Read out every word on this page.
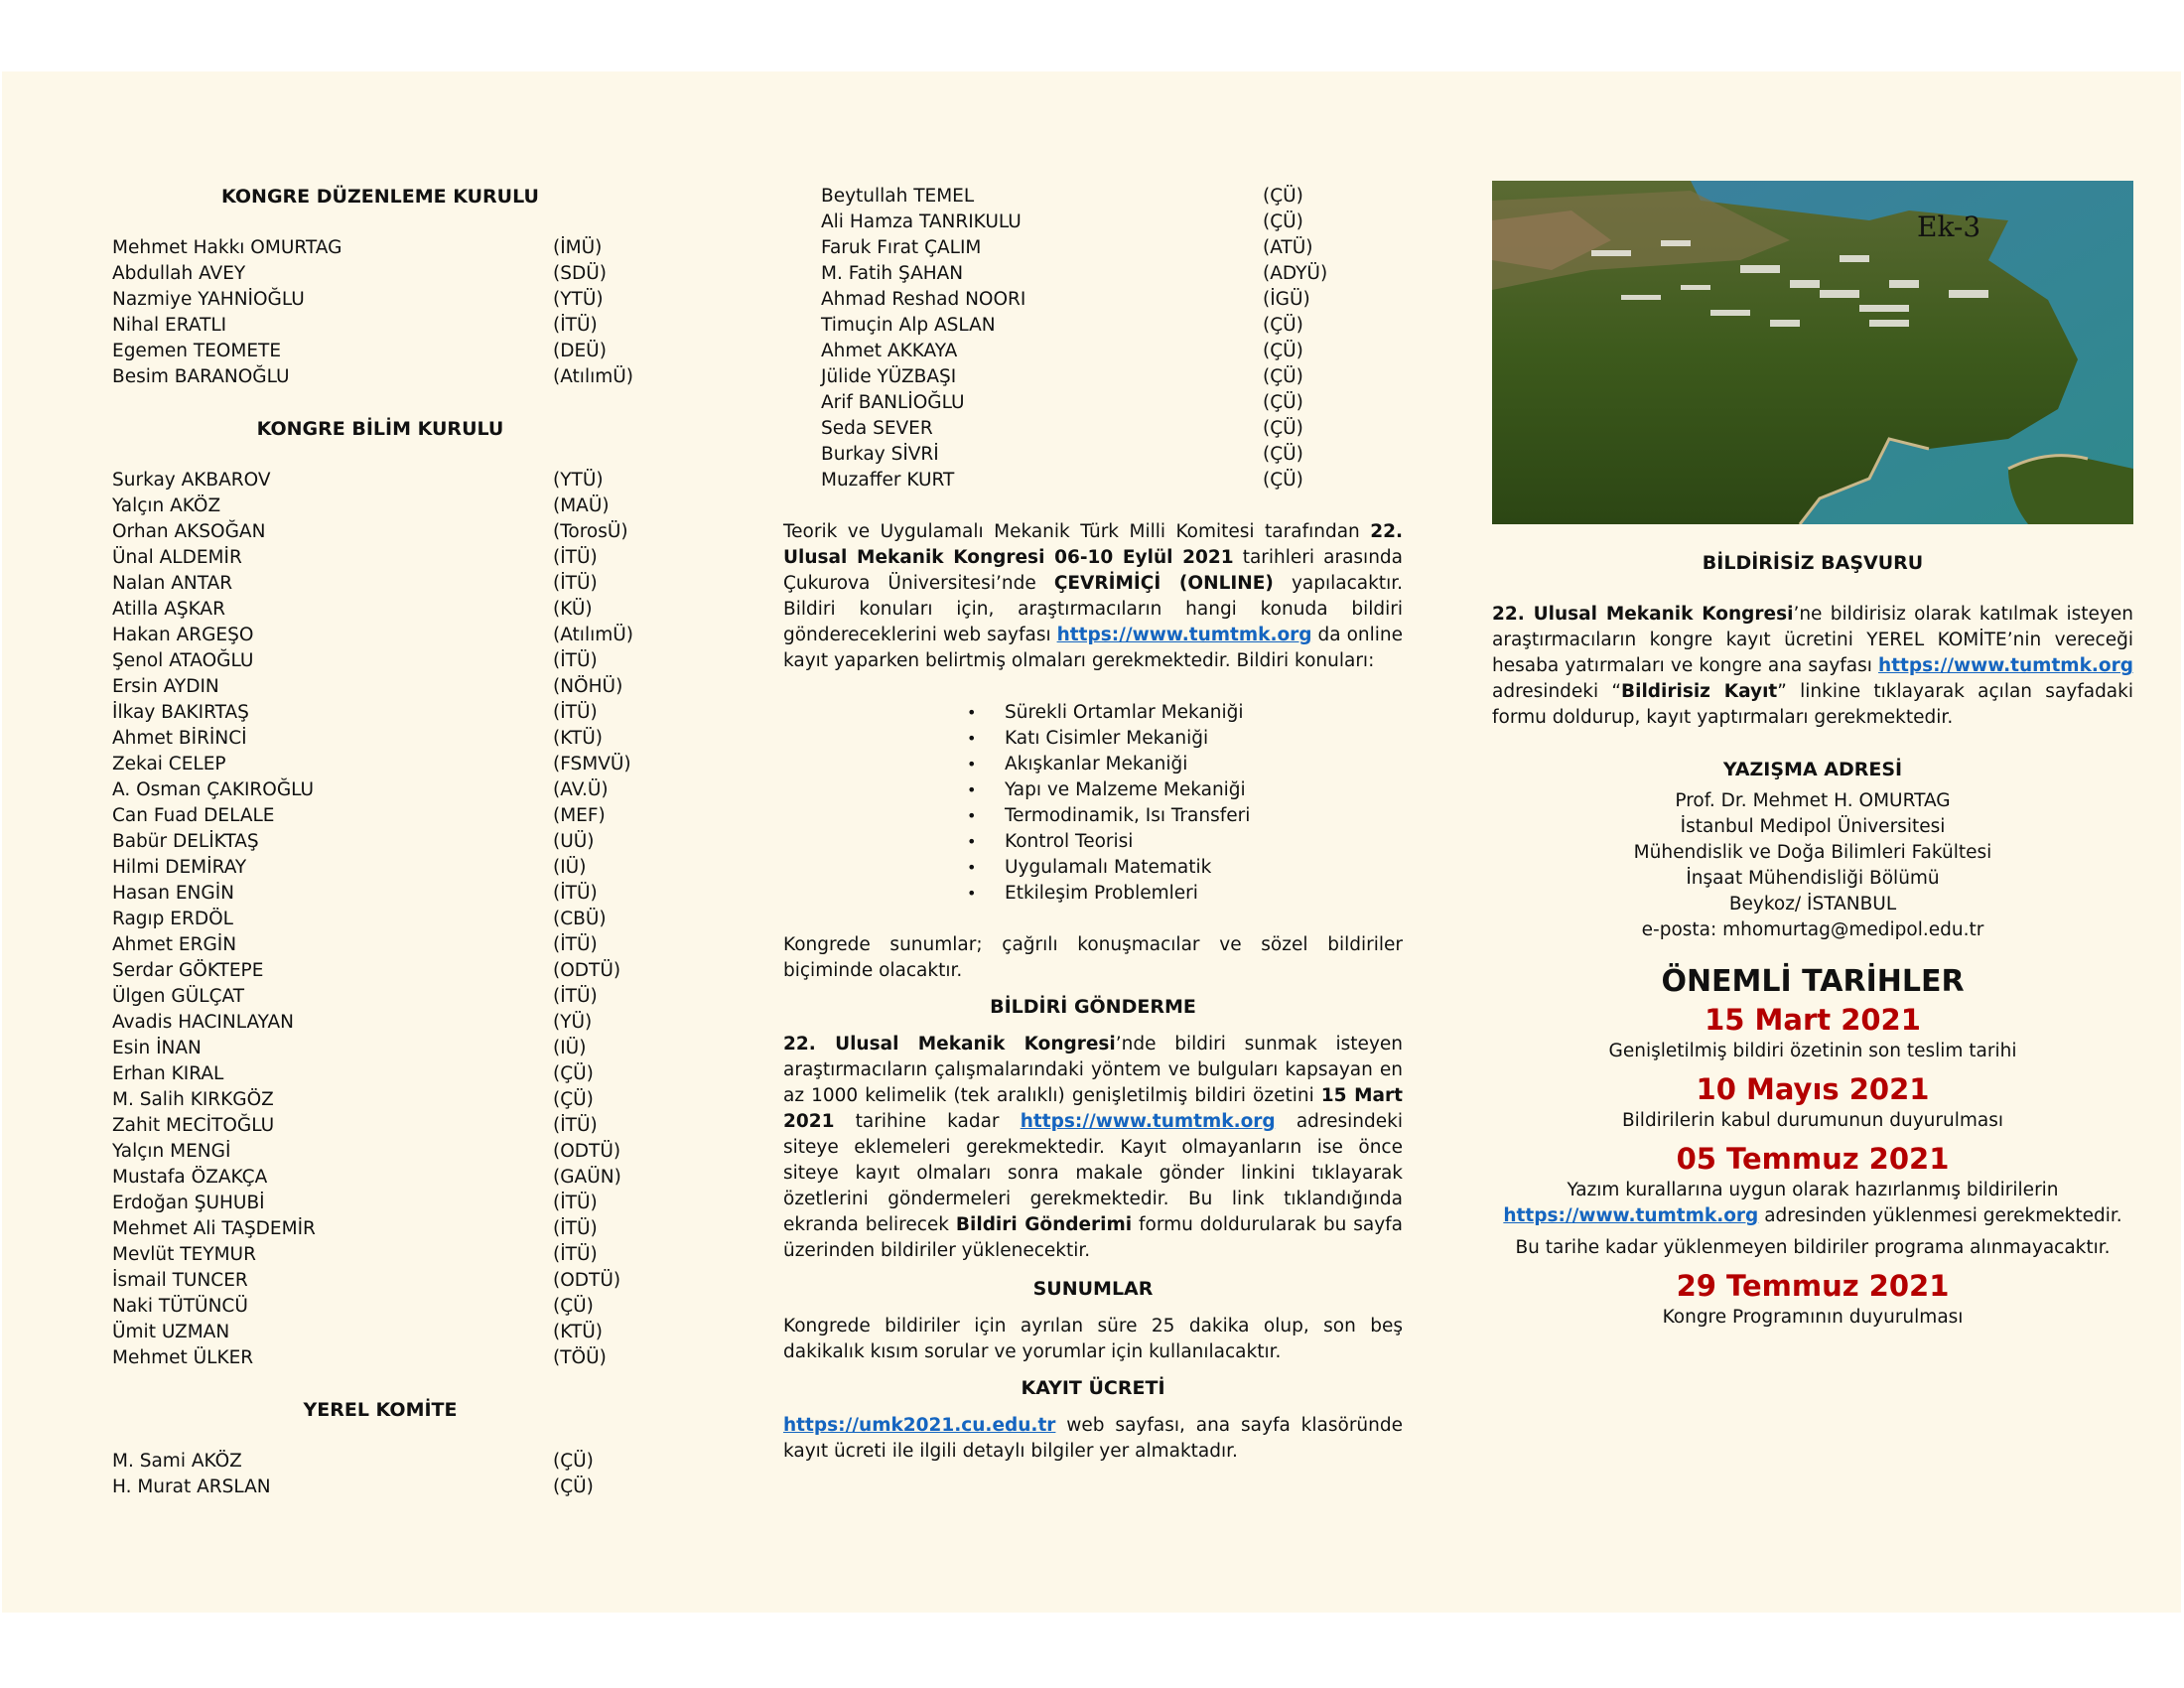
KONGRE DÜZENLEME KURULU
Mehmet Hakkı OMURTAG	(İMÜ)
Abdullah AVEY	(SDÜ)
Nazmiye YAHNİOĞLU	(YTÜ)
Nihal ERATLI	(İTÜ)
Egemen TEOMETE	(DEÜ)
Besim BARANOĞLU	(AtılımÜ)
KONGRE BİLİM KURULU
Surkay AKBAROV	(YTÜ)
Yalçın AKÖZ	(MAÜ)
Orhan AKSOĞAN	(TorosÜ)
Ünal ALDEMİR	(İTÜ)
Nalan ANTAR	(İTÜ)
Atilla AŞKAR	(KÜ)
Hakan ARGEŞO	(AtılımÜ)
Şenol ATAOĞLU	(İTÜ)
Ersin AYDIN	(NÖHÜ)
İlkay BAKIRTAŞ	(İTÜ)
Ahmet BİRİNCİ	(KTÜ)
Zekai CELEP	(FSMVÜ)
A. Osman ÇAKIROĞLU	(AV.Ü)
Can Fuad DELALE	(MEF)
Babür DELİKTAŞ	(UÜ)
Hilmi DEMİRAY	(IÜ)
Hasan ENGİN	(İTÜ)
Ragıp ERDÖL	(CBÜ)
Ahmet ERGİN	(İTÜ)
Serdar GÖKTEPE	(ODTÜ)
Ülgen GÜLÇAT	(İTÜ)
Avadis HACINLAYAN	(YÜ)
Esin İNAN	(IÜ)
Erhan KIRAL	(ÇÜ)
M. Salih KIRKGÖZ	(ÇÜ)
Zahit MECİTOĞLU	(İTÜ)
Yalçın MENGİ	(ODTÜ)
Mustafa ÖZAKÇA	(GAÜN)
Erdoğan ŞUHUBİ	(İTÜ)
Mehmet Ali TAŞDEMİR	(İTÜ)
Mevlüt TEYMUR	(İTÜ)
İsmail TUNCER	(ODTÜ)
Naki TÜTÜNCÜ	(ÇÜ)
Ümit UZMAN	(KTÜ)
Mehmet ÜLKER	(TÖÜ)
YEREL KOMİTE
M. Sami AKÖZ	(ÇÜ)
H. Murat ARSLAN	(ÇÜ)
Beytullah TEMEL	(ÇÜ)
Ali Hamza TANRIKULU	(ÇÜ)
Faruk Fırat ÇALIM	(ATÜ)
M. Fatih ŞAHAN	(ADYÜ)
Ahmad Reshad NOORI	(İGÜ)
Timuçin Alp ASLAN	(ÇÜ)
Ahmet AKKAYA	(ÇÜ)
Jülide YÜZBAŞI	(ÇÜ)
Arif BANLİOĞLU	(ÇÜ)
Seda SEVER	(ÇÜ)
Burkay SİVRİ	(ÇÜ)
Muzaffer KURT	(ÇÜ)

Teorik ve Uygulamalı Mekanik Türk Milli Komitesi tarafından 22. Ulusal Mekanik Kongresi 06-10 Eylül 2021 tarihleri arasında Çukurova Üniversitesi’nde ÇEVRİMİÇİ (ONLINE) yapılacaktır. Bildiri konuları için, araştırmacıların hangi konuda bildiri göndereceklerini web sayfası https://www.tumtmk.org da online kayıt yaparken belirtmiş olmaları gerekmektedir. Bildiri konuları:

•	Sürekli Ortamlar Mekaniği
•	Katı Cisimler Mekaniği
•	Akışkanlar Mekaniği
•	Yapı ve Malzeme Mekaniği
•	Termodinamik, Isı Transferi
•	Kontrol Teorisi
•	Uygulamalı Matematik
•	Etkileşim Problemleri

Kongrede sunumlar; çağrılı konuşmacılar ve sözel bildiriler biçiminde olacaktır.

BİLDİRİ GÖNDERME

22. Ulusal Mekanik Kongresi’nde bildiri sunmak isteyen araştırmacıların çalışmalarındaki yöntem ve bulguları kapsayan en az 1000 kelimelik (tek aralıklı) genişletilmiş bildiri özetini 15 Mart 2021 tarihine kadar https://www.tumtmk.org adresindeki siteye eklemeleri gerekmektedir. Kayıt olmayanların ise önce siteye kayıt olmaları sonra makale gönder linkini tıklayarak özetlerini göndermeleri gerekmektedir. Bu link tıklandığında ekranda belirecek Bildiri Gönderimi formu doldurularak bu sayfa üzerinden bildiriler yüklenecektir.

SUNUMLAR

Kongrede bildiriler için ayrılan süre 25 dakika olup, son beş dakikalık kısım sorular ve yorumlar için kullanılacaktır.

KAYIT ÜCRETİ

https://umk2021.cu.edu.tr web sayfası, ana sayfa klasöründe kayıt ücreti ile ilgili detaylı bilgiler yer almaktadır.

Ek-3
BİLDİRİSİZ BAŞVURU

22. Ulusal Mekanik Kongresi’ne bildirisiz olarak katılmak isteyen araştırmacıların kongre kayıt ücretini YEREL KOMİTE’nin vereceği hesaba yatırmaları ve kongre ana sayfası https://www.tumtmk.org adresindeki “Bildirisiz Kayıt” linkine tıklayarak açılan sayfadaki formu doldurup, kayıt yaptırmaları gerekmektedir.

YAZIŞMA ADRESİ

Prof. Dr. Mehmet H. OMURTAG

İstanbul Medipol Üniversitesi

Mühendislik ve Doğa Bilimleri Fakültesi

İnşaat Mühendisliği Bölümü

Beykoz/ İSTANBUL

e-posta: mhomurtag@medipol.edu.tr

ÖNEMLİ TARİHLER

15 Mart 2021

Genişletilmiş bildiri özetinin son teslim tarihi

10 Mayıs 2021

Bildirilerin kabul durumunun duyurulması

05 Temmuz 2021

Yazım kurallarına uygun olarak hazırlanmış bildirilerin

https://www.tumtmk.org adresinden yüklenmesi gerekmektedir.

Bu tarihe kadar yüklenmeyen bildiriler programa alınmayacaktır.

29 Temmuz 2021

Kongre Programının duyurulması
